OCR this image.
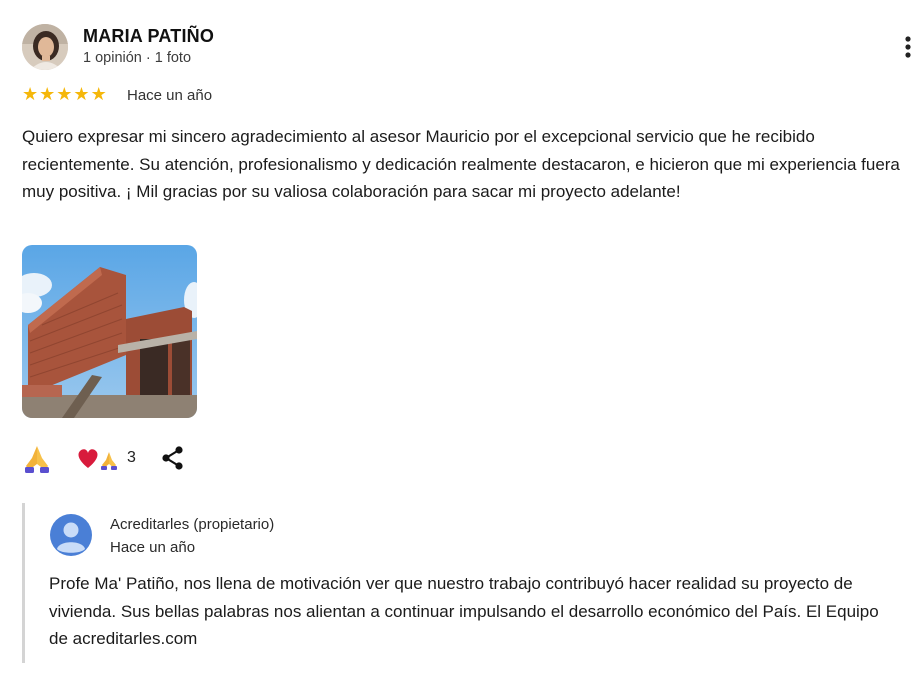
MARIA PATIÑO
1 opinión · 1 foto
★ ★ ★ ★ ★ Hace un año

Quiero expresar mi sincero agradecimiento al asesor Mauricio por el excepcional servicio que he recibido recientemente. Su atención, profesionalismo y dedicación realmente destacaron, e hicieron que mi experiencia fuera muy positiva. ¡ Mil gracias por su valiosa colaboración para sacar mi proyecto adelante!

3
Acreditarles (propietario)
Hace un año

Profe Ma' Patiño, nos llena de motivación ver que nuestro trabajo contribuyó hacer realidad su proyecto de vivienda. Sus bellas palabras nos alientan a continuar impulsando el desarrollo económico del País. El Equipo de acreditarles.com
